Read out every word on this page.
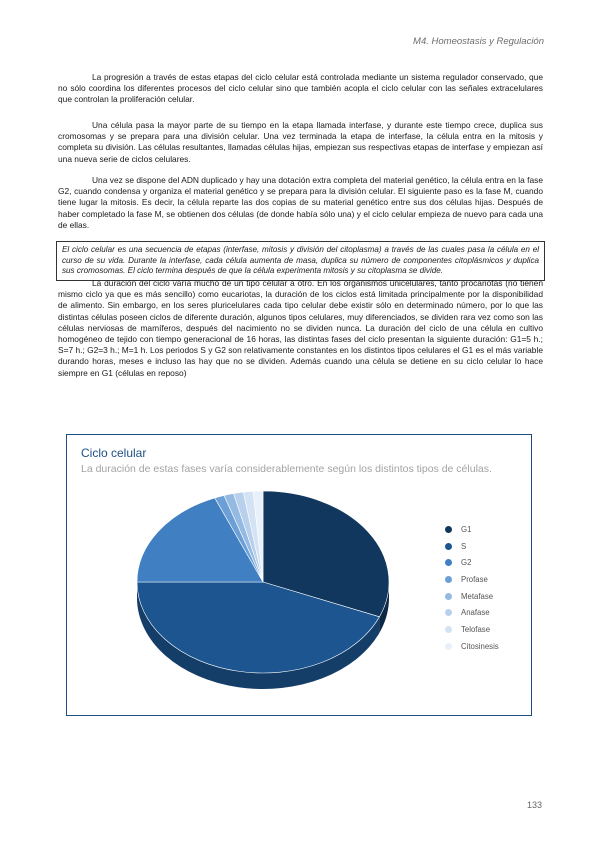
M4. Homeostasis y Regulación

La progresión a través de estas etapas del ciclo celular está controlada mediante un sistema regulador conservado, que no sólo coordina los diferentes procesos del ciclo celular sino que también acopla el ciclo celular con las señales extracelulares que controlan la proliferación celular.

Una célula pasa la mayor parte de su tiempo en la etapa llamada interfase, y durante este tiempo crece, duplica sus cromosomas y se prepara para una división celular. Una vez terminada la etapa de interfase, la célula entra en la mitosis y completa su división. Las células resultantes, llamadas células hijas, empiezan sus respectivas etapas de interfase y empiezan así una nueva serie de ciclos celulares.

Una vez se dispone del ADN duplicado y hay una dotación extra completa del material genético, la célula entra en la fase G2, cuando condensa y organiza el material genético y se prepara para la división celular. El siguiente paso es la fase M, cuando tiene lugar la mitosis. Es decir, la célula reparte las dos copias de su material genético entre sus dos células hijas. Después de haber completado la fase M, se obtienen dos células (de donde había sólo una) y el ciclo celular empieza de nuevo para cada una de ellas.

El ciclo celular es una secuencia de etapas (interfase, mitosis y división del citoplasma) a través de las cuales pasa la célula en el curso de su vida. Durante la interfase, cada célula aumenta de masa, duplica su número de componentes citoplásmicos y duplica sus cromosomas. El ciclo termina después de que la célula experimenta mitosis y su citoplasma se divide.

La duración del ciclo varía mucho de un tipo celular a otro. En los organismos unicelulares, tanto procariotas (no tienen mismo ciclo ya que es más sencillo) como eucariotas, la duración de los ciclos está limitada principalmente por la disponibilidad de alimento. Sin embargo, en los seres pluricelulares cada tipo celular debe existir sólo en determinado número, por lo que las distintas células poseen ciclos de diferente duración, algunos tipos celulares, muy diferenciados, se dividen rara vez como son las células nerviosas de mamíferos, después del nacimiento no se dividen nunca. La duración del ciclo de una célula en cultivo homogéneo de tejido con tiempo generacional de 16 horas, las distintas fases del ciclo presentan la siguiente duración: G1=5 h.; S=7 h.; G2=3 h.; M=1 h. Los periodos S y G2 son relativamente constantes en los distintos tipos celulares el G1 es el más variable durando horas, meses e incluso las hay que no se dividen. Además cuando una célula se detiene en su ciclo celular lo hace siempre en G1 (células en reposo)

Ciclo celular
La duración de estas fases varía considerablemente según los distintos tipos de células.
G1
S
G2
Profase
Metafase
Anafase
Telofase
Citosinesis
133
